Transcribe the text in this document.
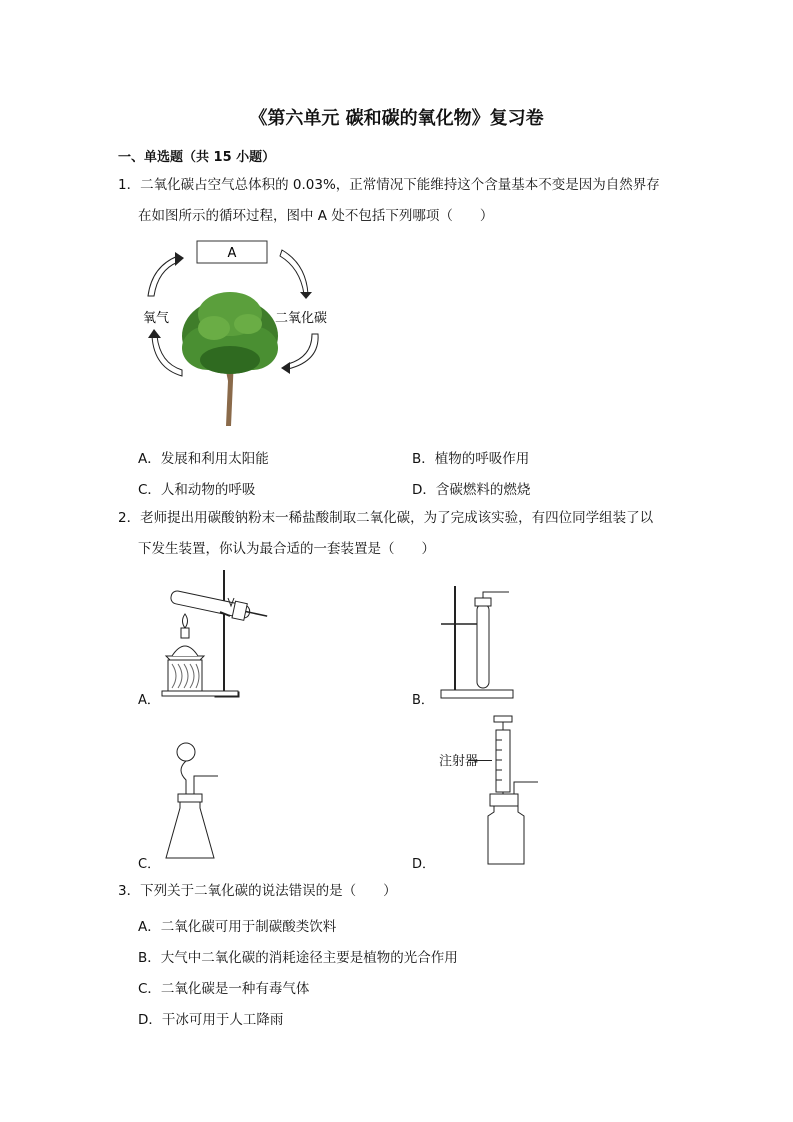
《第六单元 碳和碳的氧化物》复习卷
一、单选题（共 15 小题）
1．二氧化碳占空气总体积的 0.03%，正常情况下能维持这个含量基本不变是因为自然界存
在如图所示的循环过程，图中 A 处不包括下列哪项（　　）
A
氧气	二氧化碳
A．发展和利用太阳能	B．植物的呼吸作用
C．人和动物的呼吸	D．含碳燃料的燃烧
2．老师提出用碳酸钠粉末一稀盐酸制取二氧化碳，为了完成该实验，有四位同学组装了以
下发生装置，你认为最合适的一套装置是（　　）
A．	B．
C．
注射器
D．
3．下列关于二氧化碳的说法错误的是（　　）
A．二氧化碳可用于制碳酸类饮料
B．大气中二氧化碳的消耗途径主要是植物的光合作用
C．二氧化碳是一种有毒气体
D．干冰可用于人工降雨
